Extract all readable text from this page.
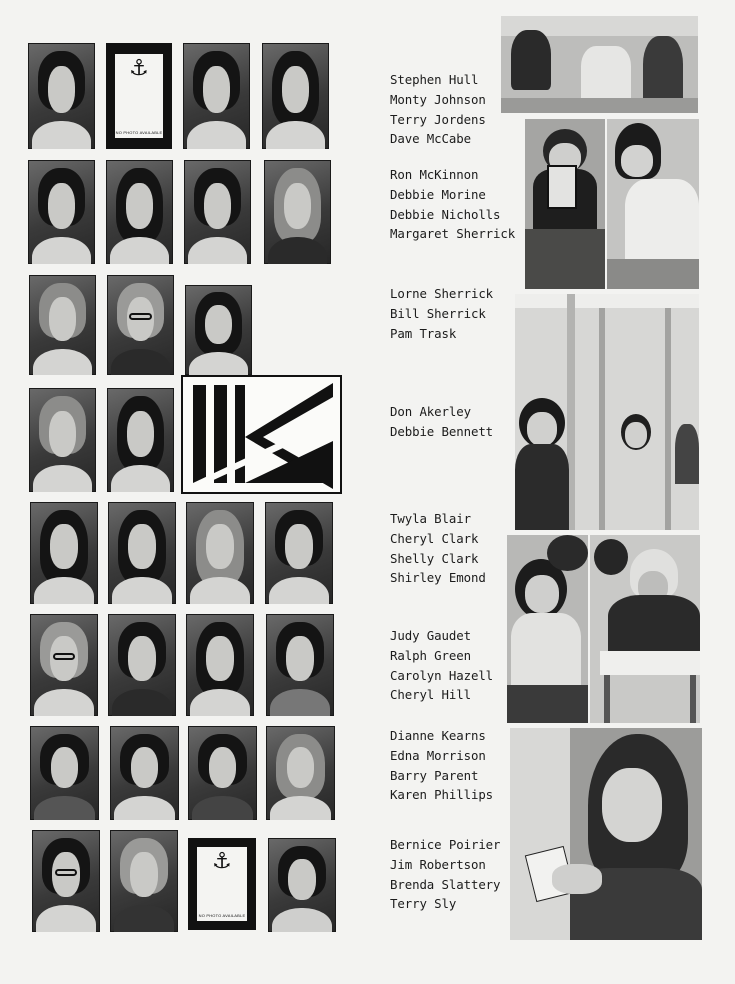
⚓
NO PHOTO AVAILABLE
⚓
NO PHOTO AVAILABLE
Stephen Hull
Monty Johnson
Terry Jordens
Dave McCabe
Ron McKinnon
Debbie Morine
Debbie Nicholls
Margaret Sherrick
Lorne Sherrick
Bill Sherrick
Pam Trask
Don Akerley
Debbie Bennett
Twyla Blair
Cheryl Clark
Shelly Clark
Shirley Emond
Judy Gaudet
Ralph Green
Carolyn Hazell
Cheryl Hill
Dianne Kearns
Edna Morrison
Barry Parent
Karen Phillips
Bernice Poirier
Jim Robertson
Brenda Slattery
Terry Sly
